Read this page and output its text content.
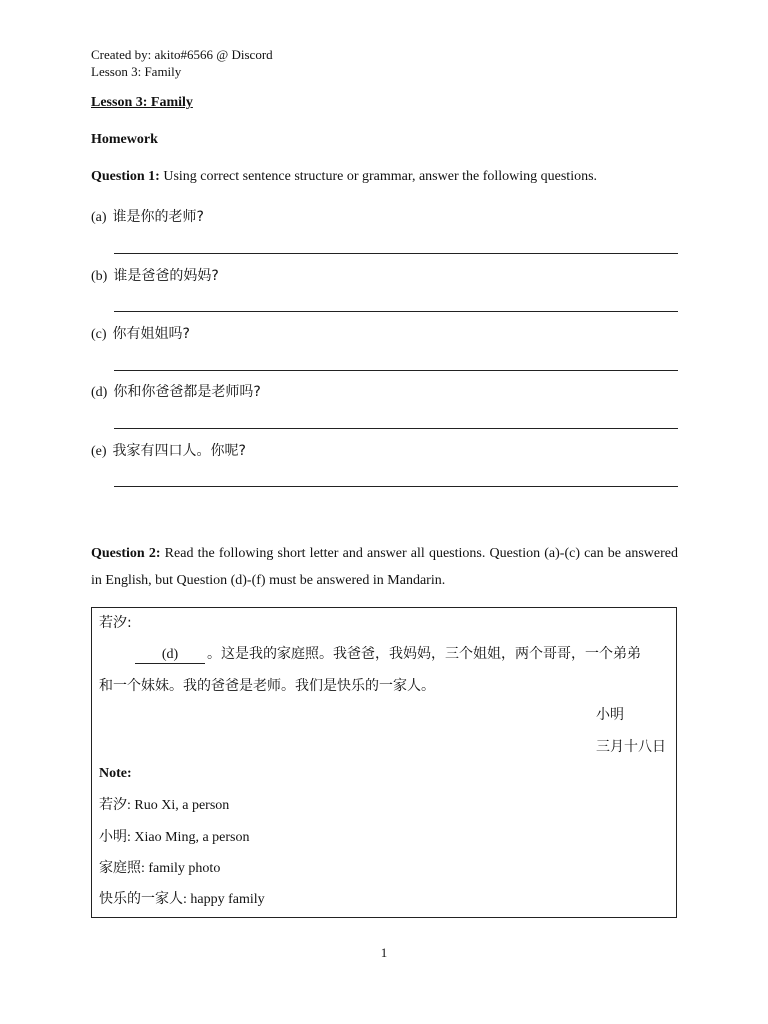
Created by: akito#6566 @ Discord
Lesson 3: Family
Lesson 3: Family
Homework
Question 1: Using correct sentence structure or grammar, answer the following questions.
(a) 谁是你的老师?
(b) 谁是爸爸的妈妈?
(c) 你有姐姐吗?
(d) 你和你爸爸都是老师吗?
(e) 我家有四口人。你呢?
Question 2: Read the following short letter and answer all questions. Question (a)-(c) can be answered in English, but Question (d)-(f) must be answered in Mandarin.
若汐:
(d) 。这是我的家庭照。我爸爸，我妈妈，三个姐姐，两个哥哥，一个弟弟
和一个妹妹。我的爸爸是老师。我们是快乐的一家人。
小明
三月十八日
Note:
若汐: Ruo Xi, a person
小明: Xiao Ming, a person
家庭照: family photo
快乐的一家人: happy family
1
